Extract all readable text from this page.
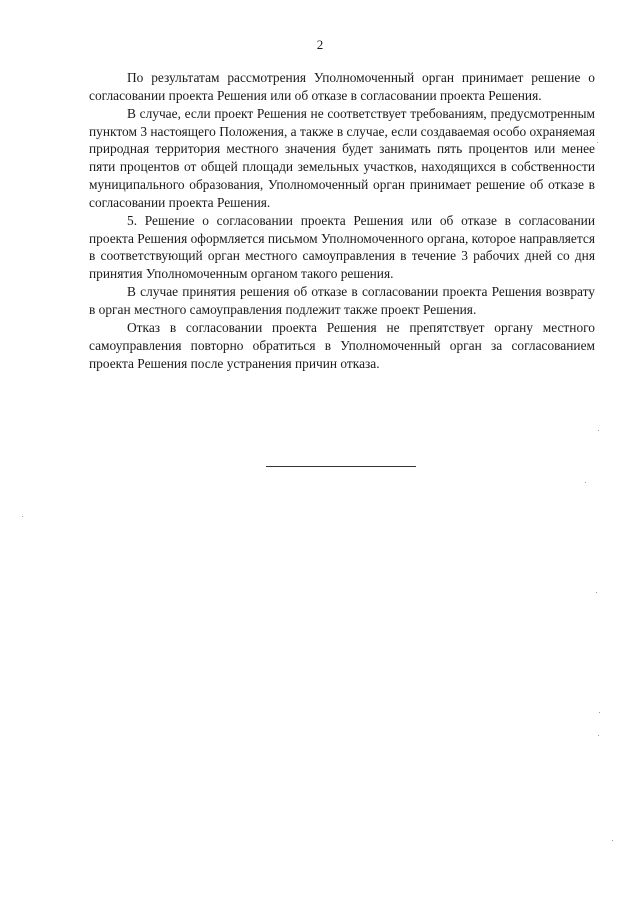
2

По результатам рассмотрения Уполномоченный орган принимает решение о согласовании проекта Решения или об отказе в согласовании проекта Решения.

В случае, если проект Решения не соответствует требованиям, предусмотренным пунктом 3 настоящего Положения, а также в случае, если создаваемая особо охраняемая природная территория местного значения будет занимать пять процентов или менее пяти процентов от общей площади земельных участков, находящихся в собственности муниципального образования, Уполномоченный орган принимает решение об отказе в согласовании проекта Решения.

5. Решение о согласовании проекта Решения или об отказе в согласовании проекта Решения оформляется письмом Уполномоченного органа, которое направляется в соответствующий орган местного самоуправления в течение 3 рабочих дней со дня принятия Уполномоченным органом такого решения.

В случае принятия решения об отказе в согласовании проекта Решения возврату в орган местного самоуправления подлежит также проект Решения.

Отказ в согласовании проекта Решения не препятствует органу местного самоуправления повторно обратиться в Уполномоченный орган за согласованием проекта Решения после устранения причин отказа.
